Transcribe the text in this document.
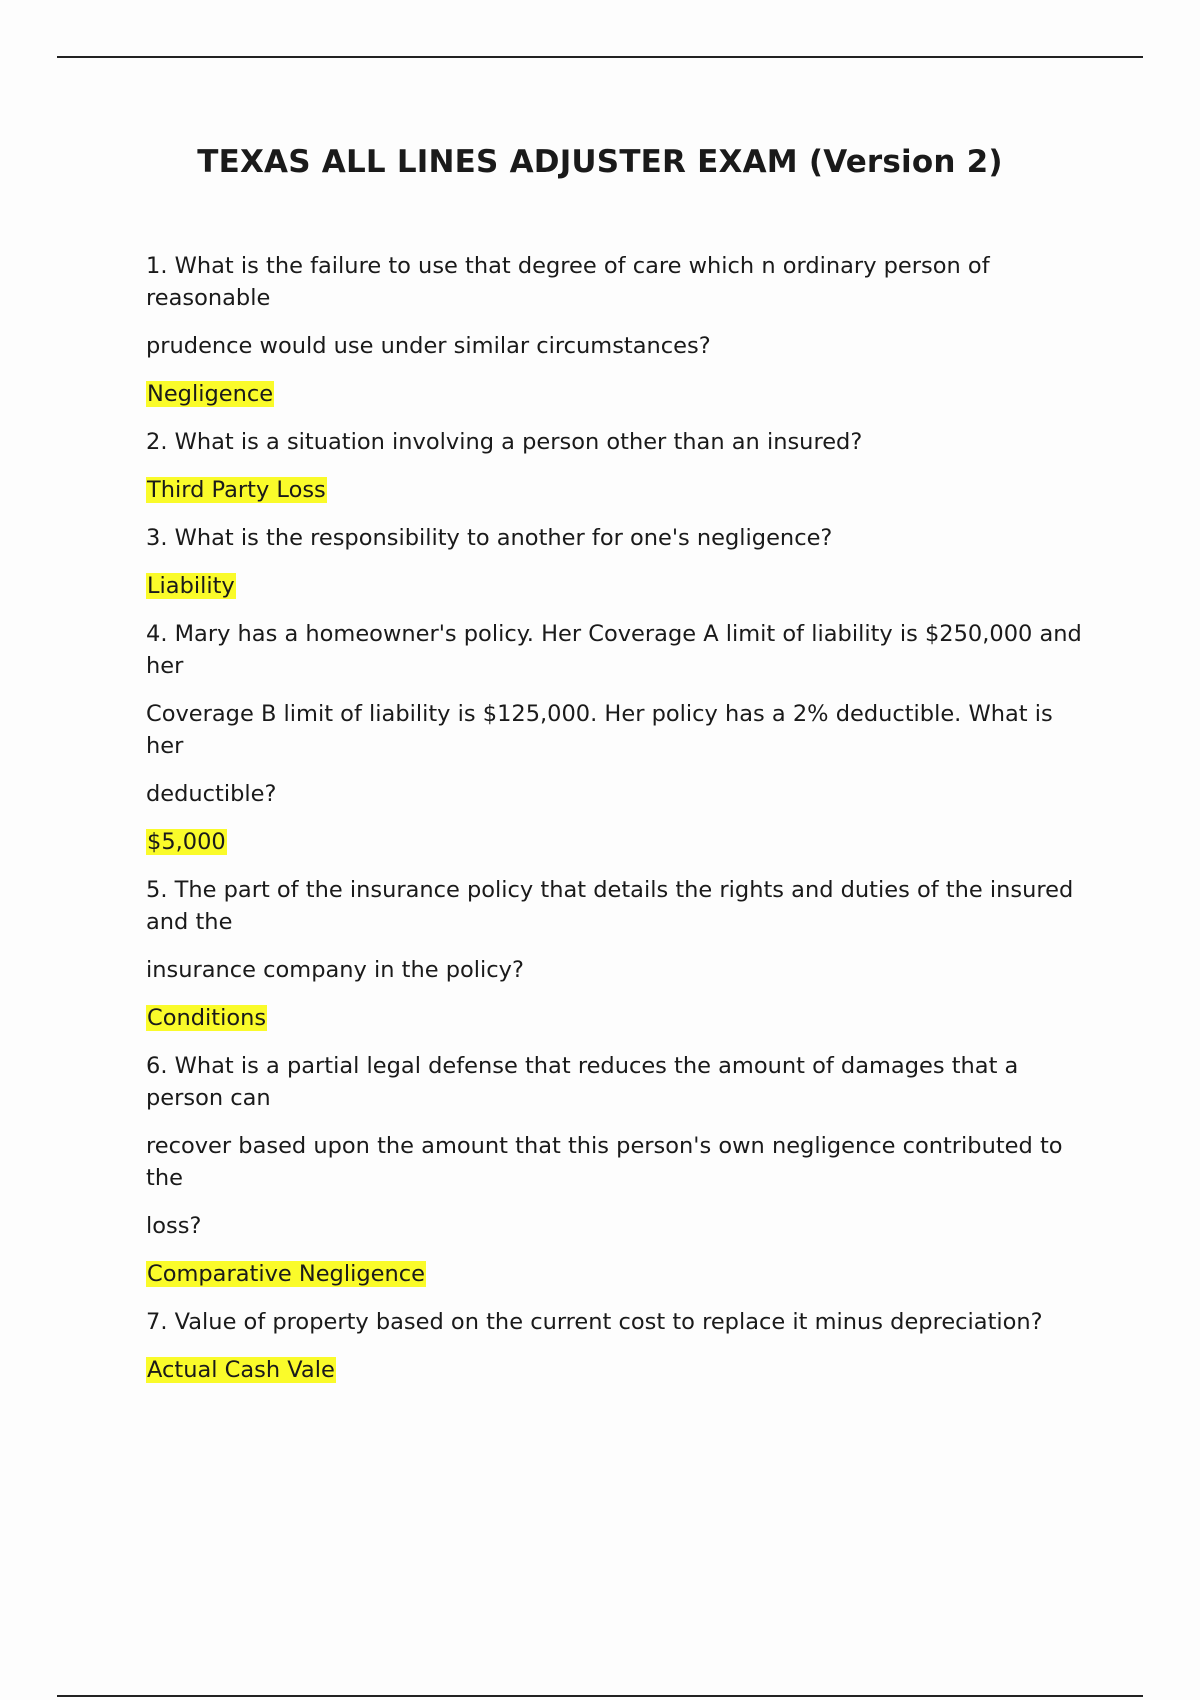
TEXAS ALL LINES ADJUSTER EXAM (Version 2)

1. What is the failure to use that degree of care which n ordinary person of reasonable

prudence would use under similar circumstances?

Negligence

2. What is a situation involving a person other than an insured?

Third Party Loss

3. What is the responsibility to another for one's negligence?

Liability

4. Mary has a homeowner's policy. Her Coverage A limit of liability is $250,000 and her

Coverage B limit of liability is $125,000. Her policy has a 2% deductible. What is her

deductible?

$5,000

5. The part of the insurance policy that details the rights and duties of the insured and the

insurance company in the policy?

Conditions

6. What is a partial legal defense that reduces the amount of damages that a person can

recover based upon the amount that this person's own negligence contributed to the

loss?

Comparative Negligence

7. Value of property based on the current cost to replace it minus depreciation?

Actual Cash Vale
